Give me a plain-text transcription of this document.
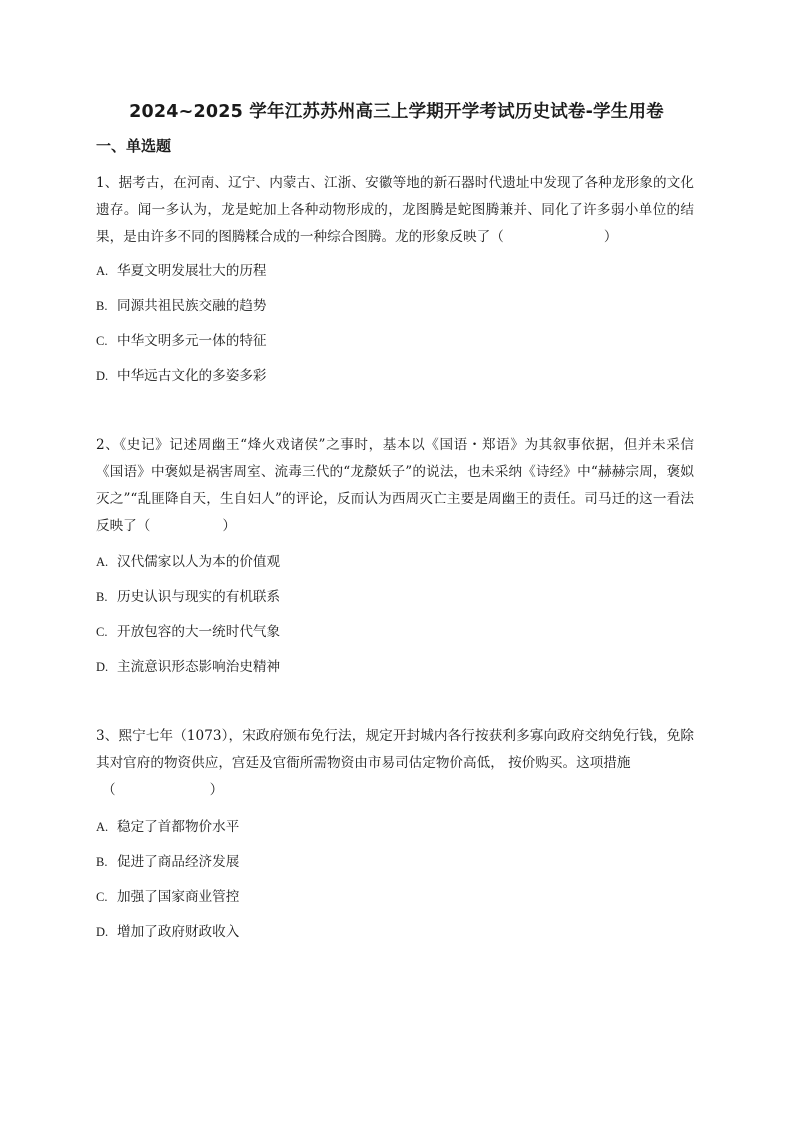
2024~2025 学年江苏苏州高三上学期开学考试历史试卷-学生用卷
一、单选题
1、据考古，在河南、辽宁、内蒙古、江浙、安徽等地的新石器时代遗址中发现了各种龙形象的文化遗存。闻一多认为，龙是蛇加上各种动物形成的，龙图腾是蛇图腾兼并、同化了许多弱小单位的结果，是由许多不同的图腾糅合成的一种综合图腾。龙的形象反映了（	）
A. 华夏文明发展壮大的历程
B. 同源共祖民族交融的趋势
C. 中华文明多元一体的特征
D. 中华远古文化的多姿多彩
2、《史记》记述周幽王“烽火戏诸侯”之事时，基本以《国语・郑语》为其叙事依据，但并未采信《国语》中褒姒是祸害周室、流毒三代的“龙漦妖子”的说法，也未采纳《诗经》中“赫赫宗周，褒姒灭之”“乱匪降自天，生自妇人”的评论，反而认为西周灭亡主要是周幽王的责任。司马迁的这一看法反映了（	）
A. 汉代儒家以人为本的价值观
B. 历史认识与现实的有机联系
C. 开放包容的大一统时代气象
D. 主流意识形态影响治史精神
3、熙宁七年（1073），宋政府颁布免行法，规定开封城内各行按获利多寡向政府交纳免行钱，免除其对官府的物资供应，宫廷及官衙所需物资由市易司估定物价高低， 按价购买。这项措施
（	）
A. 稳定了首都物价水平
B. 促进了商品经济发展
C. 加强了国家商业管控
D. 增加了政府财政收入
